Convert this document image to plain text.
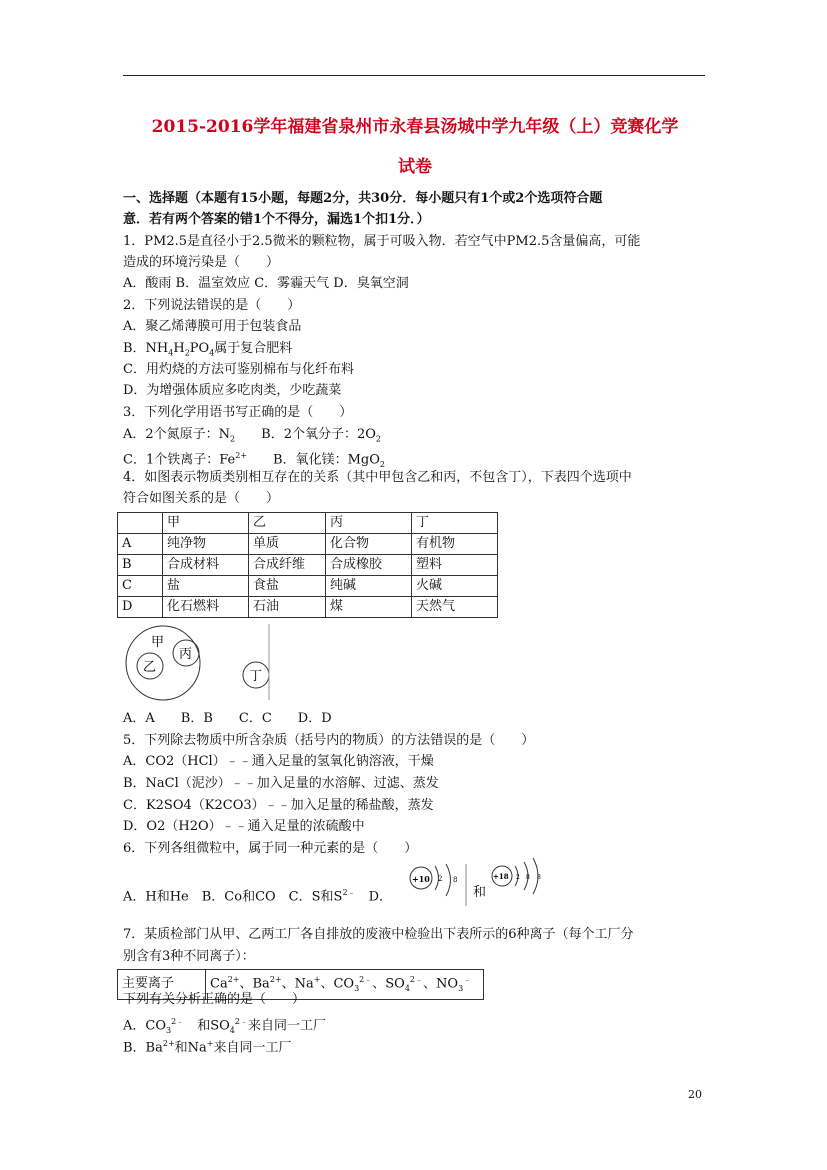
2015-2016学年福建省泉州市永春县汤城中学九年级（上）竞赛化学
试卷
一、选择题（本题有15小题，每题2分，共30分．每小题只有1个或2个选项符合题
意．若有两个答案的错1个不得分，漏选1个扣1分．）
1．PM2.5是直径小于2.5微米的颗粒物，属于可吸入物．若空气中PM2.5含量偏高，可能
造成的环境污染是（　　）
A．酸雨 B．温室效应 C．雾霾天气 D．臭氧空洞
2．下列说法错误的是（　　）
A．聚乙烯薄膜可用于包装食品
B．$NH_4H_2PO_4$属于复合肥料
C．用灼烧的方法可鉴别棉布与化纤布料
D．为增强体质应多吃肉类，少吃蔬菜
3．下列化学用语书写正确的是（　　）
A．2个氮原子：$N_2$　　 B．2个氧分子：$2O_2$
C．1个铁离子：$Fe^{2+}$　　 B．氧化镁：MgO$_2$
4．如图表示物质类别相互存在的关系（其中甲包含乙和丙，不包含丁），下表四个选项中
符合如图关系的是（　　）
	甲	乙	丙	丁
A	纯净物	单质	化合物	有机物
B	合成材料	合成纤维	合成橡胶	塑料
C	盐	食盐	纯碱	火碱
D	化石燃料	石油	煤	天然气
甲
乙
丙
丁
A．A　　B．B　　C．C　　D．D
5．下列除去物质中所含杂质（括号内的物质）的方法错误的是（　　）
A．CO2（HCl）﹣﹣通入足量的氢氧化钠溶液，干燥
B．NaCl（泥沙）﹣﹣加入足量的水溶解、过滤、蒸发
C．K2SO4（K2CO3）﹣﹣加入足量的稀盐酸，蒸发
D．O2（H2O）﹣﹣通入足量的浓硫酸中
6．下列各组微粒中，属于同一种元素的是（　　）
A．H和He　B．Co和CO　C．S和$S^{2﹣}$　 D．
+10 2 8
和
+18 2 8 8
7．某质检部门从甲、乙两工厂各自排放的废液中检验出下表所示的6种离子（每个工厂分
别含有3种不同离子）：
主要离子	$Ca^{2+}$、$Ba^{2+}$、Na+、$CO_3^{2﹣}$、$SO_4^{2﹣}$、$NO_3^﹣$
下列有关分析正确的是（　　）
A．$CO_3^{2﹣}$　 和$SO_4^{2﹣}$来自同一工厂
B．$Ba^{2+}$和Na+来自同一工厂
20
